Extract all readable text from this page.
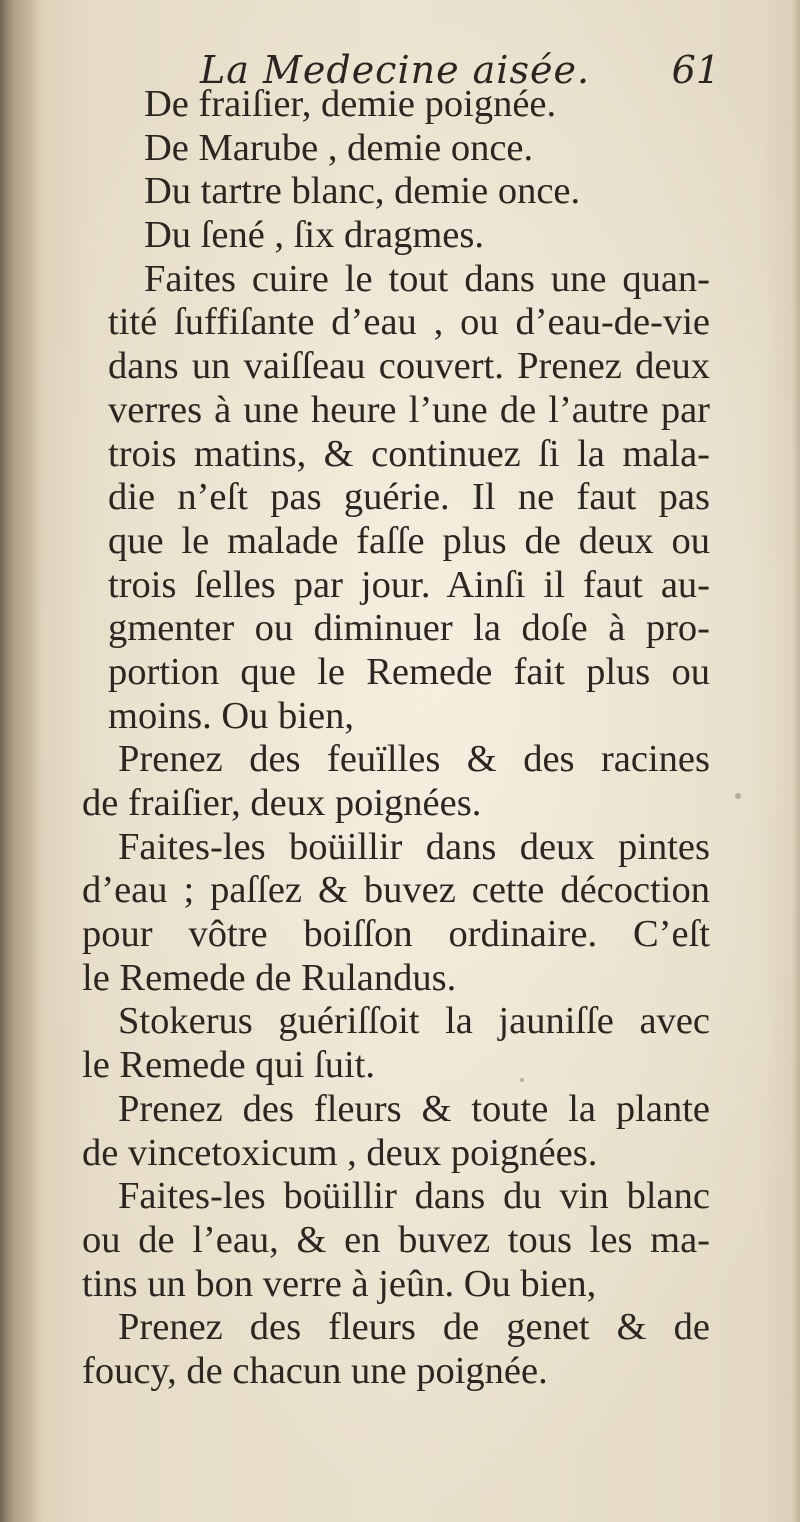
La Medecine aisée. 61
De fraiſier, demie poignée.
De Marube , demie once.
Du tartre blanc, demie once.
Du ſené , ſix dragmes.
Faites cuire le tout dans une quan-
tité ſuffiſante d’eau , ou d’eau-de-vie
dans un vaiſſeau couvert. Prenez deux
verres à une heure l’une de l’autre par
trois matins, & continuez ſi la mala-
die n’eſt pas guérie. Il ne faut pas
que le malade faſſe plus de deux ou
trois ſelles par jour. Ainſi il faut au-
gmenter ou diminuer la doſe à pro-
portion que le Remede fait plus ou
moins. Ou bien,
Prenez des feuïlles & des racines
de fraiſier, deux poignées.
Faites-les boüillir dans deux pintes
d’eau ; paſſez & buvez cette décoction
pour vôtre boiſſon ordinaire. C’eſt
le Remede de Rulandus.
Stokerus guériſſoit la jauniſſe avec
le Remede qui ſuit.
Prenez des fleurs & toute la plante
de vincetoxicum , deux poignées.
Faites-les boüillir dans du vin blanc
ou de l’eau, & en buvez tous les ma-
tins un bon verre à jeûn. Ou bien,
Prenez des fleurs de genet & de
foucy, de chacun une poignée.
